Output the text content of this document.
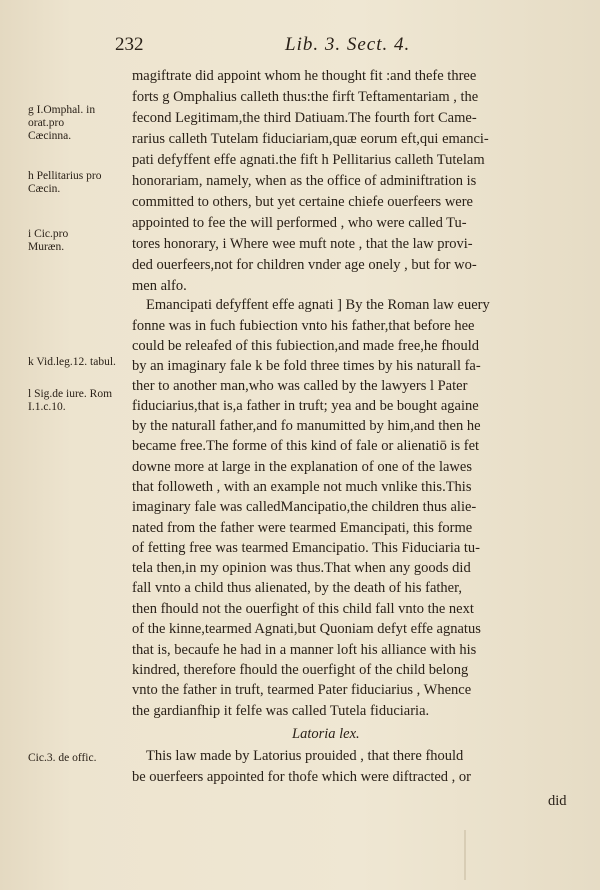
232	Lib. 3. Sect. 4.
g I.Omphal. in orat.pro Cæcinna.
h Pellitarius pro Cæcin.
i Cic.pro Muræn.
k Vid.leg.12. tabul.
l Sig.de iure. Rom I.1.c.10.
Cic.3. de offic.
magiftrate did appoint whom he thought fit :and thefe three
forts g Omphalius calleth thus:the firft Teftamentariam , the
fecond Legitimam,the third Datiuam.The fourth fort Came-
rarius calleth Tutelam fiduciariam,quæ eorum eft,qui emanci-
pati defyffent effe agnati.the fift h Pellitarius calleth Tutelam
honorariam, namely, when as the office of adminiftration is
committed to others, but yet certaine chiefe ouerfeers were
appointed to fee the will performed , who were called Tu-
tores honorary, i Where wee muft note , that the law provi-
ded ouerfeers,not for children vnder age onely , but for wo-
men alfo.
Emancipati defyffent effe agnati ] By the Roman law euery
fonne was in fuch fubiection vnto his father,that before hee
could be releafed of this fubiection,and made free,he fhould
by an imaginary fale k be fold three times by his naturall fa-
ther to another man,who was called by the lawyers l Pater
fiduciarius,that is,a father in truft; yea and be bought againe
by the naturall father,and fo manumitted by him,and then he
became free.The forme of this kind of fale or alienatiō is fet
downe more at large in the explanation of one of the lawes
that followeth , with an example not much vnlike this.This
imaginary fale was calledMancipatio,the children thus alie-
nated from the father were tearmed Emancipati, this forme
of fetting free was tearmed Emancipatio. This Fiduciaria tu-
tela then,in my opinion was thus.That when any goods did
fall vnto a child thus alienated, by the death of his father,
then fhould not the ouerfight of this child fall vnto the next
of the kinne,tearmed Agnati,but Quoniam defyt effe agnatus
that is, becaufe he had in a manner loft his alliance with his
kindred, therefore fhould the ouerfight of the child belong
vnto the father in truft, tearmed Pater fiduciarius , Whence
the gardianfhip it felfe was called Tutela fiduciaria.
Latoria lex.
This law made by Latorius prouided , that there fhould
be ouerfeers appointed for thofe which were diftracted , or
did
